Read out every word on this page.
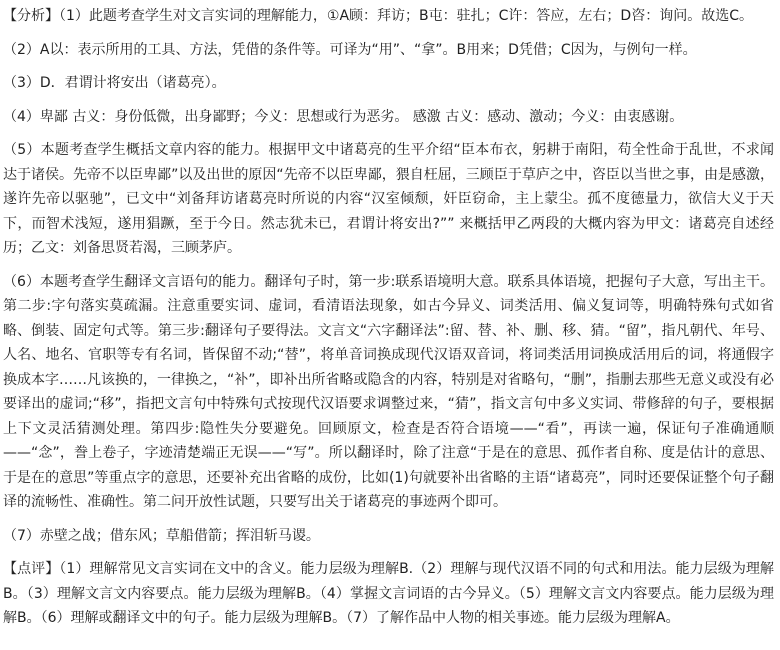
【分析】（1）此题考查学生对文言实词的理解能力，①A顾：拜访；B屯：驻扎；C许：答应，左右；D咨：询问。故选C。

（2）A以：表示所用的工具、方法，凭借的条件等。可译为“用”、“拿”。B用来；D凭借；C因为，与例句一样。

（3）D．君谓计将安出（诸葛亮）。

（4）卑鄙 古义：身份低微，出身鄙野；今义：思想或行为恶劣。 感激 古义：感动、激动；今义：由衷感谢。

（5）本题考查学生概括文章内容的能力。根据甲文中诸葛亮的生平介绍“臣本布衣，躬耕于南阳，苟全性命于乱世，不求闻达于诸侯。先帝不以臣卑鄙”以及出世的原因“先帝不以臣卑鄙，猥自枉屈，三顾臣于草庐之中，咨臣以当世之事，由是感激，遂许先帝以驱驰”，已文中“刘备拜访诸葛亮时所说的内容“汉室倾颓，奸臣窃命，主上蒙尘。孤不度德量力，欲信大义于天下，而智术浅短，遂用猖蹶，至于今日。然志犹未已，君谓计将安出?”” 来概括甲乙两段的大概内容为甲文：诸葛亮自述经历；乙文：刘备思贤若渴，三顾茅庐。

（6）本题考查学生翻译文言语句的能力。翻译句子时，第一步:联系语境明大意。联系具体语境，把握句子大意，写出主干。第二步:字句落实莫疏漏。注意重要实词、虚词，看清语法现象，如古今异义、词类活用、偏义复词等，明确特殊句式如省略、倒装、固定句式等。第三步:翻译句子要得法。文言文“六字翻译法”:留、替、补、删、移、猜。“留”，指凡朝代、年号、人名、地名、官职等专有名词，皆保留不动;“替”，将单音词换成现代汉语双音词，将词类活用词换成活用后的词，将通假字换成本字……凡该换的，一律换之，“补”，即补出所省略或隐含的内容，特别是对省略句，“删”，指删去那些无意义或没有必要译出的虚词;“移”，指把文言句中特殊句式按现代汉语要求调整过来，“猜”，指文言句中多义实词、带修辞的句子，要根据上下文灵活猜测处理。第四步:隐性失分要避免。回顾原文，检查是否符合语境——“看”，再读一遍，保证句子准确通顺——“念”，誊上卷子，字迹清楚端正无误——“写”。所以翻译时，除了注意“于是在的意思、孤作者自称、度是估计的意思、于是在的意思”等重点字的意思，还要补充出省略的成份，比如(1)句就要补出省略的主语“诸葛亮”，同时还要保证整个句子翻译的流畅性、准确性。第二问开放性试题，只要写出关于诸葛亮的事迹两个即可。

（7）赤壁之战；借东风；草船借箭；挥泪斩马谡。

【点评】（1）理解常见文言实词在文中的含义。能力层级为理解B.（2）理解与现代汉语不同的句式和用法。能力层级为理解B。（3）理解文言文内容要点。能力层级为理解B。（4）掌握文言词语的古今异义。（5）理解文言文内容要点。能力层级为理解B。（6）理解或翻译文中的句子。能力层级为理解B。（7）了解作品中人物的相关事迹。能力层级为理解A。
